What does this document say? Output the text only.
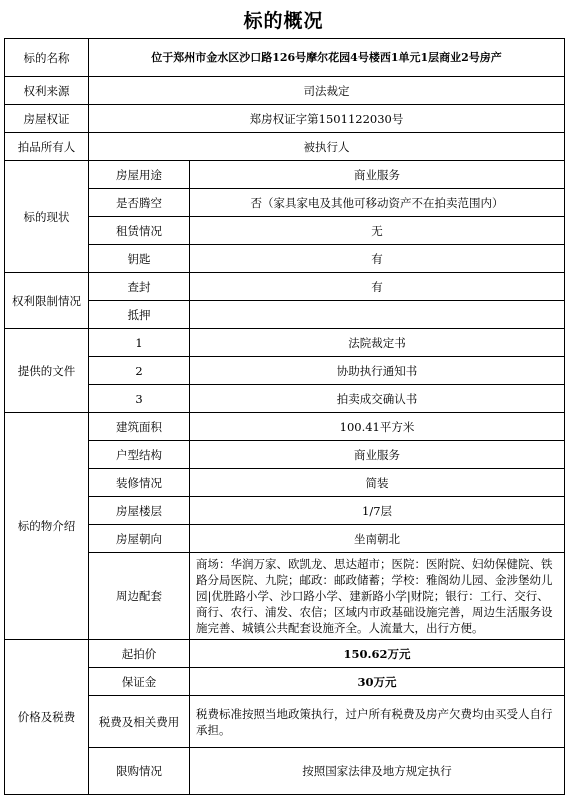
标的概况
标的名称	位于郑州市金水区沙口路126号摩尔花园4号楼西1单元1层商业2号房产	
权利来源	司法裁定	
房屋权证	郑房权证字第1501122030号	
拍品所有人	被执行人	
标的现状	房屋用途	商业服务
	是否腾空	否（家具家电及其他可移动资产不在拍卖范围内）
	租赁情况	无
	钥匙	有
权利限制情况	查封	有
	抵押	
提供的文件	1	法院裁定书
	2	协助执行通知书
	3	拍卖成交确认书
标的物介绍	建筑面积	100.41平方米
	户型结构	商业服务
	装修情况	简装
	房屋楼层	1/7层
	房屋朝向	坐南朝北
	周边配套	商场：华润万家、欧凯龙、思达超市；医院：医附院、妇幼保健院、铁路分局医院、九院；邮政：邮政储蓄；学校：雅阁幼儿园、金涉堡幼儿园|优胜路小学、沙口路小学、建新路小学|财院；银行：工行、交行、商行、农行、浦发、农信；区域内市政基础设施完善，周边生活服务设施完善、城镇公共配套设施齐全。人流量大，出行方便。
价格及税费	起拍价	150.62万元
	保证金	30万元
	税费及相关费用	税费标准按照当地政策执行，过户所有税费及房产欠费均由买受人自行承担。
	限购情况	按照国家法律及地方规定执行
